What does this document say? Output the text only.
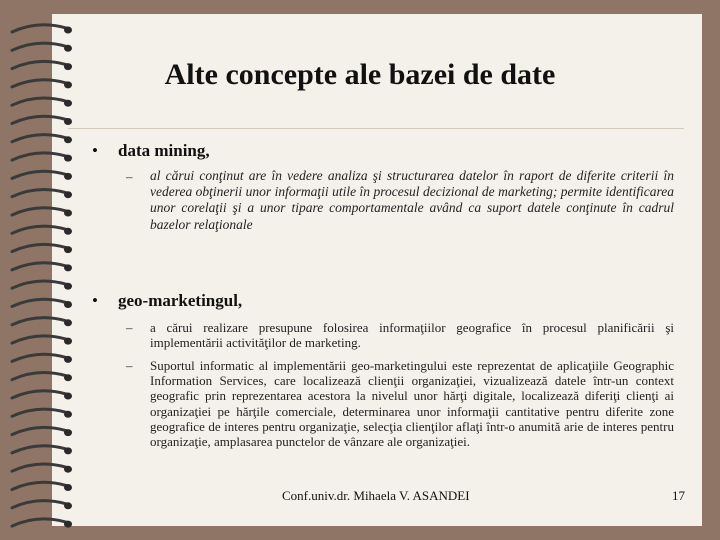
Alte concepte ale bazei de date
• data mining,
– al cărui conţinut are în vedere analiza şi structurarea datelor în raport de diferite criterii în vederea obţinerii unor informaţii utile în procesul decizional de marketing; permite identificarea unor corelaţii şi a unor tipare comportamentale având ca suport datele conţinute în cadrul bazelor relaţionale
• geo-marketingul,
– a cărui realizare presupune folosirea informaţiilor geografice în procesul planificării şi implementării activităţilor de marketing.
– Suportul informatic al implementării geo-marketingului este reprezentat de aplicaţiile Geographic Information Services, care localizează clienţii organizaţiei, vizualizează datele într-un context geografic prin reprezentarea acestora la nivelul unor hărţi digitale, localizează diferiţi clienţi ai organizaţiei pe hărţile comerciale, determinarea unor informaţii cantitative pentru diferite zone geografice de interes pentru organizaţie, selecţia clienţilor aflaţi într-o anumită arie de interes pentru organizaţie, amplasarea punctelor de vânzare ale organizaţiei.
Conf.univ.dr. Mihaela V. ASANDEI	17
